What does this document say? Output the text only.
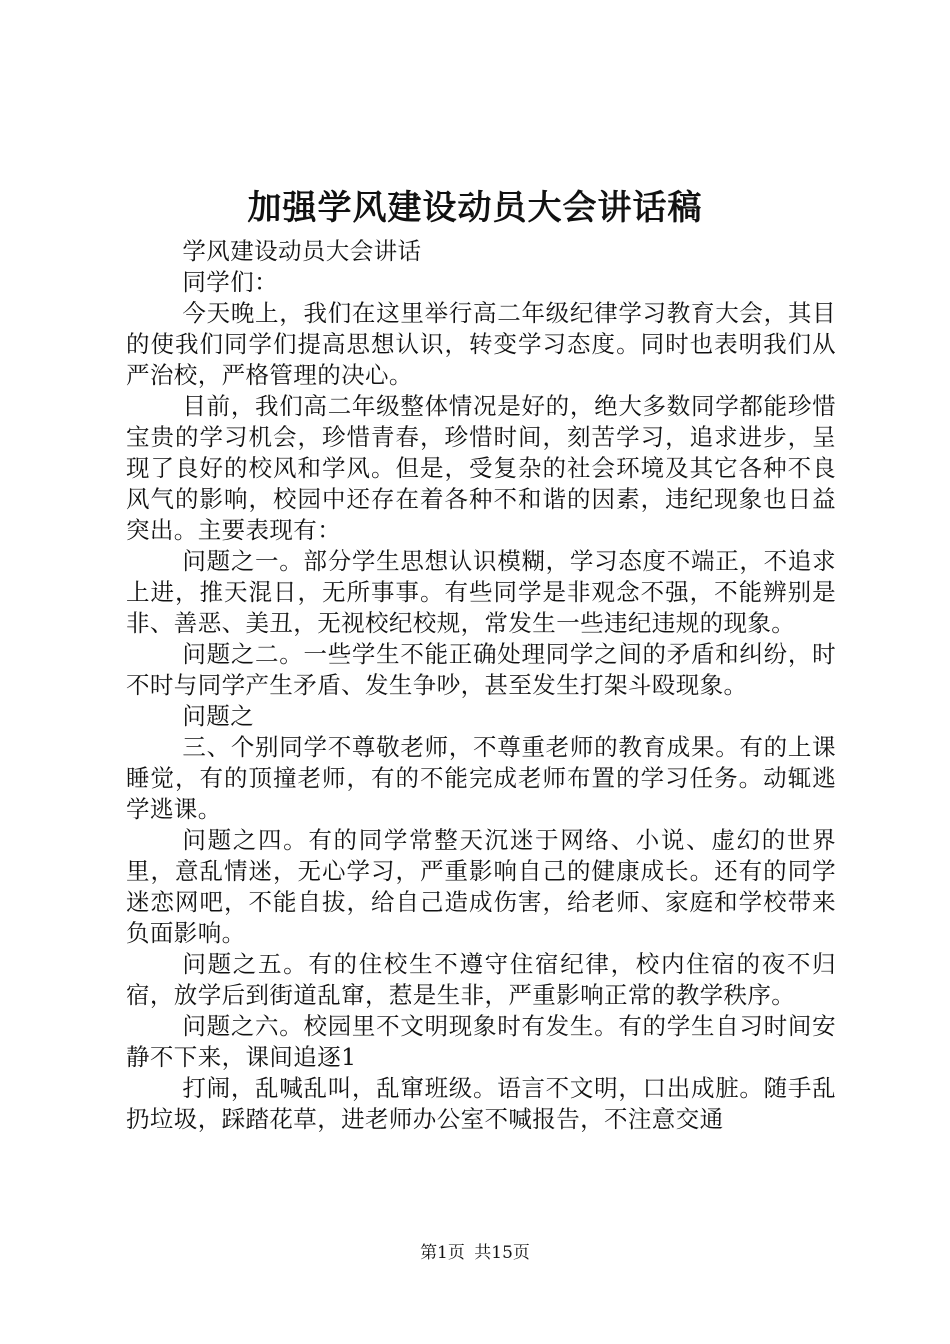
加强学风建设动员大会讲话稿

学风建设动员大会讲话

同学们：

今天晚上，我们在这里举行高二年级纪律学习教育大会，其目的使我们同学们提高思想认识，转变学习态度。同时也表明我们从严治校，严格管理的决心。

目前，我们高二年级整体情况是好的，绝大多数同学都能珍惜宝贵的学习机会，珍惜青春，珍惜时间，刻苦学习，追求进步，呈现了良好的校风和学风。但是，受复杂的社会环境及其它各种不良风气的影响，校园中还存在着各种不和谐的因素，违纪现象也日益突出。主要表现有：

问题之一。部分学生思想认识模糊，学习态度不端正，不追求上进，推天混日，无所事事。有些同学是非观念不强，不能辨别是非、善恶、美丑，无视校纪校规，常发生一些违纪违规的现象。

问题之二。一些学生不能正确处理同学之间的矛盾和纠纷，时不时与同学产生矛盾、发生争吵，甚至发生打架斗殴现象。

问题之

三、个别同学不尊敬老师，不尊重老师的教育成果。有的上课睡觉，有的顶撞老师，有的不能完成老师布置的学习任务。动辄逃学逃课。

问题之四。有的同学常整天沉迷于网络、小说、虚幻的世界里，意乱情迷，无心学习，严重影响自己的健康成长。还有的同学迷恋网吧，不能自拔，给自己造成伤害，给老师、家庭和学校带来负面影响。

问题之五。有的住校生不遵守住宿纪律，校内住宿的夜不归宿，放学后到街道乱窜，惹是生非，严重影响正常的教学秩序。

问题之六。校园里不文明现象时有发生。有的学生自习时间安静不下来，课间追逐1

打闹，乱喊乱叫，乱窜班级。语言不文明，口出成脏。随手乱扔垃圾，踩踏花草，进老师办公室不喊报告，不注意交通

第1页 共15页
